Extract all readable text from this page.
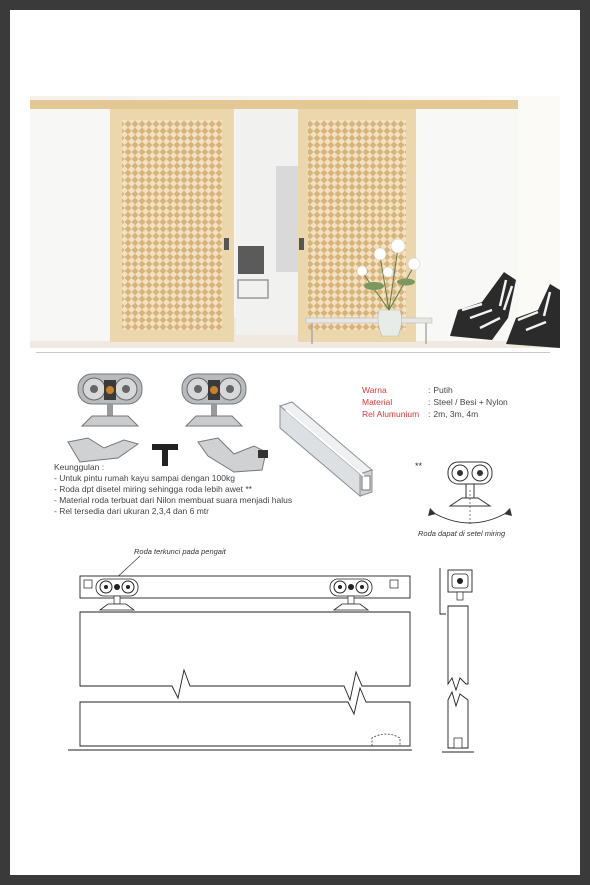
Warna	: Putih
Material	: Steel / Besi + Nylon
Rel Alumunium	: 2m, 3m, 4m
Keunggulan :
- Untuk pintu rumah kayu sampai dengan 100kg
- Roda dpt disetel miring sehingga roda lebih awet **
- Material roda terbuat dari Nilon membuat suara menjadi halus
- Rel tersedia dari ukuran 2,3,4 dan 6 mtr
**
Roda dapat di setel miring
Roda terkunci pada pengait
